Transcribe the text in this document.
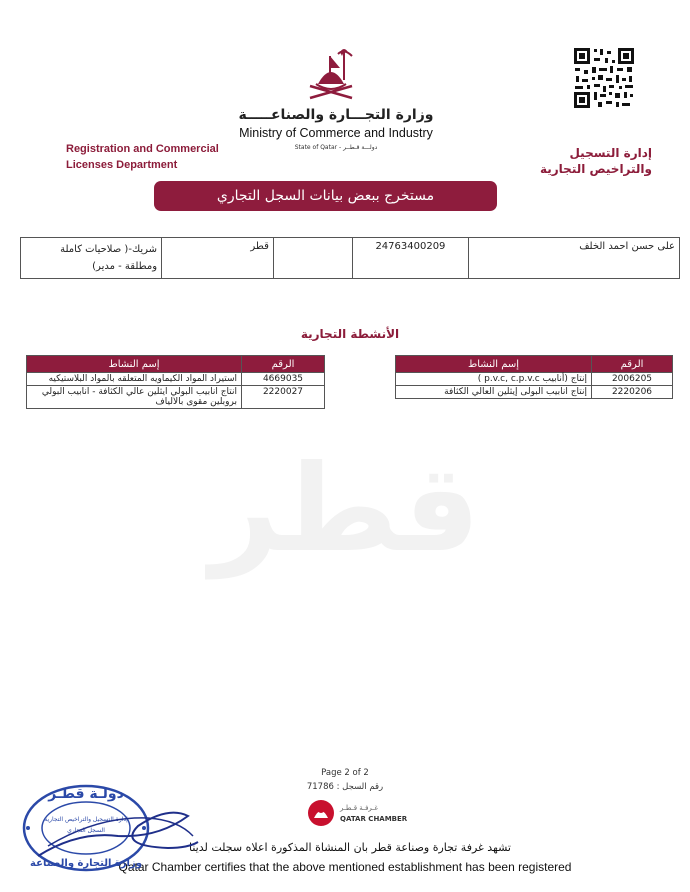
قطر
وزارة التجـــارة والصناعـــــة
Ministry of Commerce and Industry
State of Qatar - دولـــة قـطــر
Registration and Commercial
Licenses Department
إدارة التسجيل
والتراخيص التجارية
مستخرج ببعض بيانات السجل التجاري
شريك-( صلاحيات كاملة ومطلقة - مدير)	قطر		24763400209	على حسن احمد الخلف
الأنشطة التجارية
إسم النشاط	الرقم
إنتاج (أنابيب p.v.c, c.p.v.c )	2006205
إنتاج انابيب البولى إيثلين العالي الكثافة	2220206
إسم النشاط	الرقم
استيراد المواد الكيماويه المتعلقه بالمواد البلاستيكيه	4669035
انتاج انابيب البولي ايثلين عالي الكثافة - انابيب البولي بروبلين مقوى بالالياف	2220027
Page 2 of 2
رقم السجل : 71786
غـرفـة قـطـر
QATAR CHAMBER
تشهد غرفة تجارة وصناعة قطر بان المنشاة المذكورة اعلاه سجلت لدينا
Qatar Chamber certifies that the above mentioned establishment has been registered
دولـة قطـر
إدارة التسجيل والتراخيص التجارية
السجل التجاري
وزارة التجارة والصناعة
